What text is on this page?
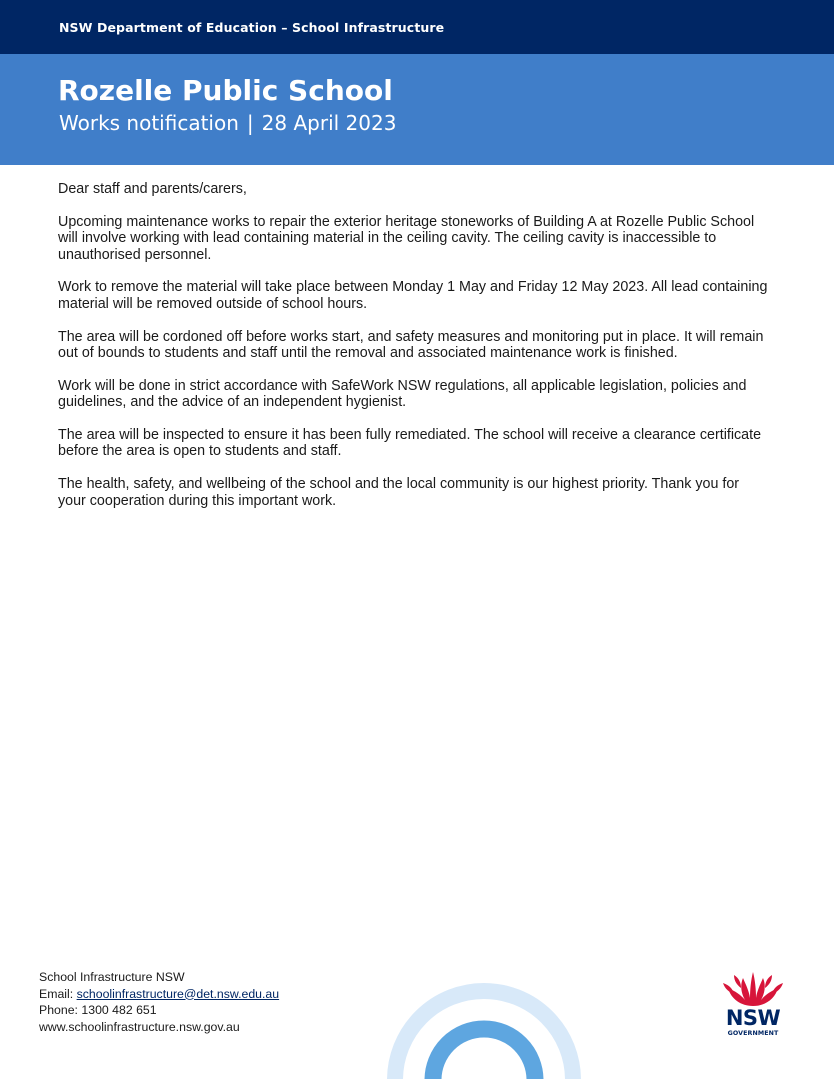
NSW Department of Education – School Infrastructure
Rozelle Public School
Works notification | 28 April 2023

Dear staff and parents/carers,

Upcoming maintenance works to repair the exterior heritage stoneworks of Building A at Rozelle Public School will involve working with lead containing material in the ceiling cavity. The ceiling cavity is inaccessible to unauthorised personnel.

Work to remove the material will take place between Monday 1 May and Friday 12 May 2023. All lead containing material will be removed outside of school hours.

The area will be cordoned off before works start, and safety measures and monitoring put in place. It will remain out of bounds to students and staff until the removal and associated maintenance work is finished.

Work will be done in strict accordance with SafeWork NSW regulations, all applicable legislation, policies and guidelines, and the advice of an independent hygienist.

The area will be inspected to ensure it has been fully remediated. The school will receive a clearance certificate before the area is open to students and staff.

The health, safety, and wellbeing of the school and the local community is our highest priority. Thank you for your cooperation during this important work.

School Infrastructure NSW
Email: schoolinfrastructure@det.nsw.edu.au
Phone: 1300 482 651
www.schoolinfrastructure.nsw.gov.au	NSW
GOVERNMENT
